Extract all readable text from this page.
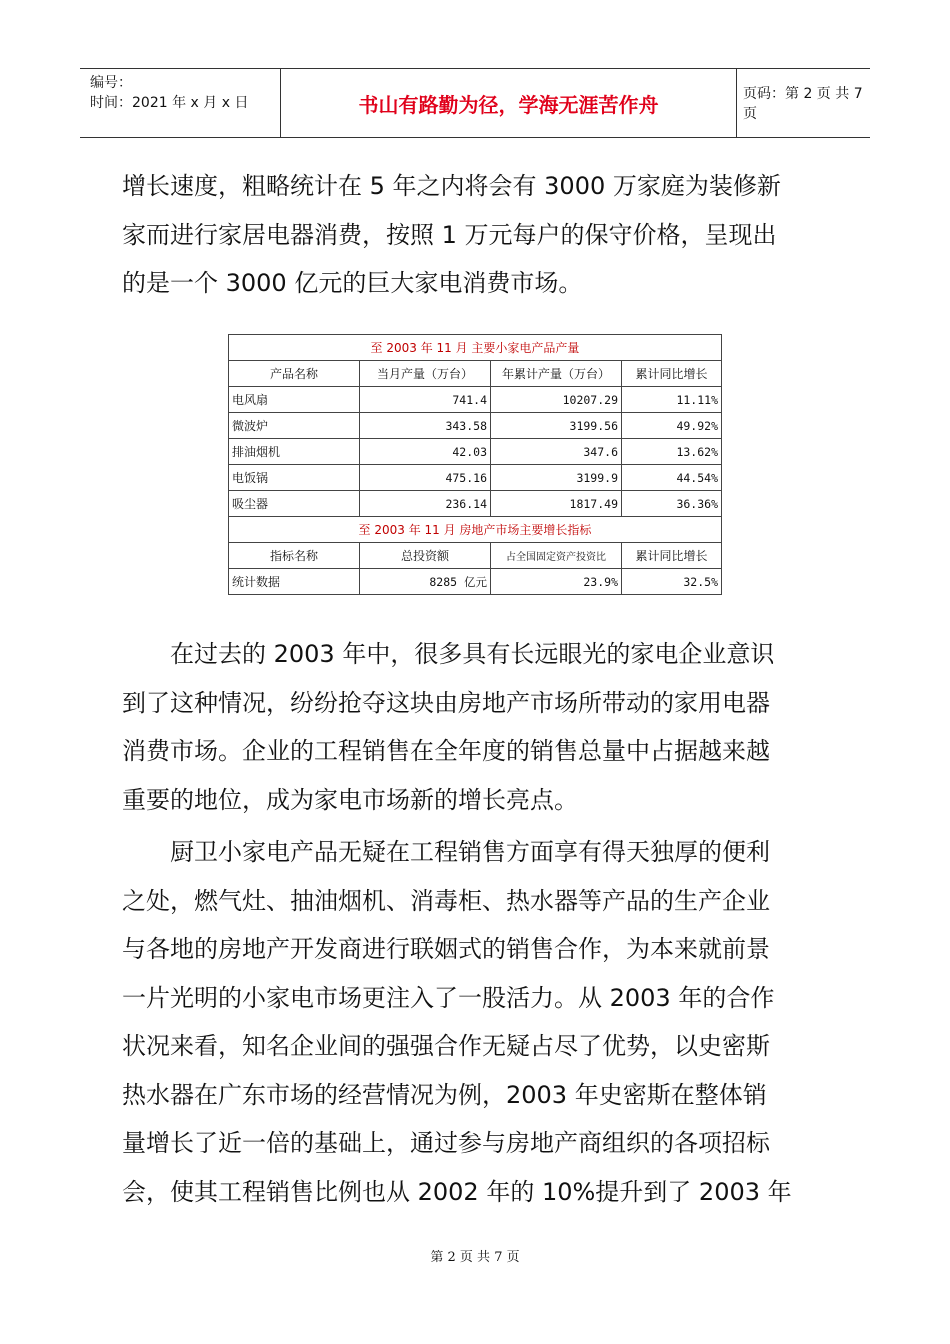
编号：
时间：2021 年 x 月 x 日	书山有路勤为径，学海无涯苦作舟	页码：第 2 页 共 7 页
增长速度，粗略统计在 5 年之内将会有 3000 万家庭为装修新
家而进行家居电器消费，按照 1 万元每户的保守价格，呈现出
的是一个 3000 亿元的巨大家电消费市场。
至 2003 年 11 月 主要小家电产品产量			
产品名称	当月产量（万台）	年累计产量（万台）	累计同比增长
电风扇	741.4	10207.29	11.11%
微波炉	343.58	3199.56	49.92%
排油烟机	42.03	347.6	13.62%
电饭锅	475.16	3199.9	44.54%
吸尘器	236.14	1817.49	36.36%
至 2003 年 11 月 房地产市场主要增长指标			
指标名称	总投资额	占全国固定资产投资比	累计同比增长
统计数据	8285 亿元	23.9%	32.5%
　　在过去的 2003 年中，很多具有长远眼光的家电企业意识
到了这种情况，纷纷抢夺这块由房地产市场所带动的家用电器
消费市场。企业的工程销售在全年度的销售总量中占据越来越
重要的地位，成为家电市场新的增长亮点。
　　厨卫小家电产品无疑在工程销售方面享有得天独厚的便利
之处，燃气灶、抽油烟机、消毒柜、热水器等产品的生产企业
与各地的房地产开发商进行联姻式的销售合作，为本来就前景
一片光明的小家电市场更注入了一股活力。从 2003 年的合作
状况来看，知名企业间的强强合作无疑占尽了优势，以史密斯
热水器在广东市场的经营情况为例，2003 年史密斯在整体销
量增长了近一倍的基础上，通过参与房地产商组织的各项招标
会，使其工程销售比例也从 2002 年的 10%提升到了 2003 年
第 2 页 共 7 页
